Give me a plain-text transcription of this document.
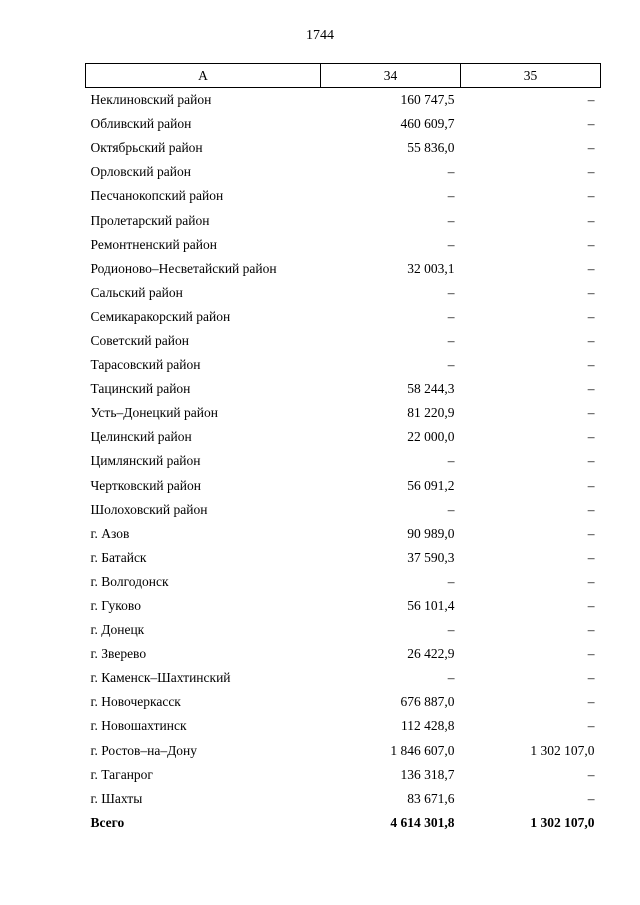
1744
А	34	35
Неклиновский район	160 747,5	–
Обливский район	460 609,7	–
Октябрьский район	55 836,0	–
Орловский район	–	–
Песчанокопский район	–	–
Пролетарский район	–	–
Ремонтненский район	–	–
Родионово–Несветайский район	32 003,1	–
Сальский район	–	–
Семикаракорский район	–	–
Советский район	–	–
Тарасовский район	–	–
Тацинский район	58 244,3	–
Усть–Донецкий район	81 220,9	–
Целинский район	22 000,0	–
Цимлянский район	–	–
Чертковский район	56 091,2	–
Шолоховский район	–	–
г. Азов	90 989,0	–
г. Батайск	37 590,3	–
г. Волгодонск	–	–
г. Гуково	56 101,4	–
г. Донецк	–	–
г. Зверево	26 422,9	–
г. Каменск–Шахтинский	–	–
г. Новочеркасск	676 887,0	–
г. Новошахтинск	112 428,8	–
г. Ростов–на–Дону	1 846 607,0	1 302 107,0
г. Таганрог	136 318,7	–
г. Шахты	83 671,6	–
Всего	4 614 301,8	1 302 107,0
